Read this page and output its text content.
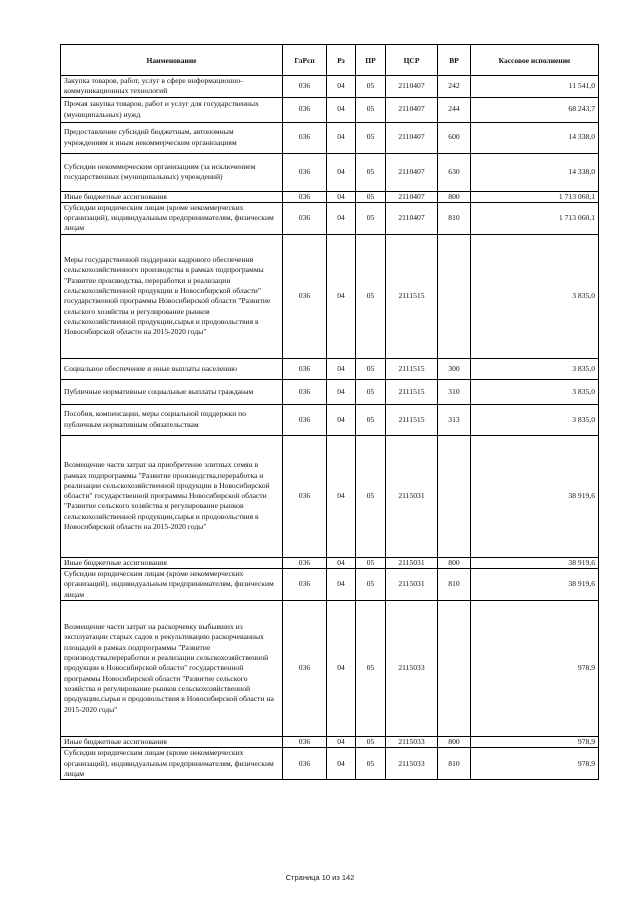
Наименование	ГлРсп	Рз	ПР	ЦСР	ВР	Кассовое исполнение
Закупка товаров, работ, услуг в сфере информационно-коммуникационных технологий	036	04	05	2110407	242	11 541,0
Прочая закупка товаров, работ и услуг для государственных (муниципальных) нужд	036	04	05	2110407	244	68 243,7
Предоставление субсидий бюджетным, автономным учреждениям и иным некоммерческим организациям	036	04	05	2110407	600	14 338,0
Субсидии некоммерческим организациям (за исключением государственных (муниципальных) учреждений)	036	04	05	2110407	630	14 338,0
Иные бюджетные ассигнования	036	04	05	2110407	800	1 713 060,1
Субсидии юридическим лицам (кроме некоммерческих организаций), индивидуальным предпринимателям, физическим лицам	036	04	05	2110407	810	1 713 060,1
Меры государственной поддержки кадрового обеспечения сельскохозяйственного производства в рамках подпрограммы "Развитие производства, переработки и реализации сельскохозяйственной продукции в Новосибирской области" государственной программы Новосибирской области "Развитие сельского хозяйства и регулирование рынков сельскохозяйственной продукции,сырья и продовольствия в Новосибирской области на 2015-2020 годы"	036	04	05	2111515		3 835,0
Социальное обеспечение и иные выплаты населению	036	04	05	2111515	300	3 835,0
Публичные нормативные социальные выплаты гражданам	036	04	05	2111515	310	3 835,0
Пособия, компенсации, меры социальной поддержки по публичным нормативным обязательствам	036	04	05	2111515	313	3 835,0
Возмещение части затрат на приобретение элитных семян в рамках подпрограммы "Развитие производства,переработка и реализации сельскохозяйственной продукции в Новосибирской области" государственной программы Новосибирской области "Развитие сельского хозяйства и регулирование рынков сельскохозяйственной продукции,сырья и продовольствия в Новосибирской области на 2015-2020 годы"	036	04	05	2115031		38 919,6
Иные бюджетные ассигнования	036	04	05	2115031	800	38 919,6
Субсидии юридическим лицам (кроме некоммерческих организаций), индивидуальным предпринимателям, физическим лицам	036	04	05	2115031	810	38 919,6
Возмещение части затрат на раскорчевку выбывших из эксплуатации старых садов и рекультивацию раскорчеванных площадей в рамках подпрограммы "Развитие производства,переработки и реализации сельскохозяйственной продукции в Новосибирской области" государственной программы Новосибирской области "Развитие сельского хозяйства и регулирование рынков сельскохозяйственной продукции,сырья и продовольствия в Новосибирской области на 2015-2020 годы"	036	04	05	2115033		978,9
Иные бюджетные ассигнования	036	04	05	2115033	800	978,9
Субсидии юридическим лицам (кроме некоммерческих организаций), индивидуальным предпринимателям, физическим лицам	036	04	05	2115033	810	978,9
Страница 10 из 142
